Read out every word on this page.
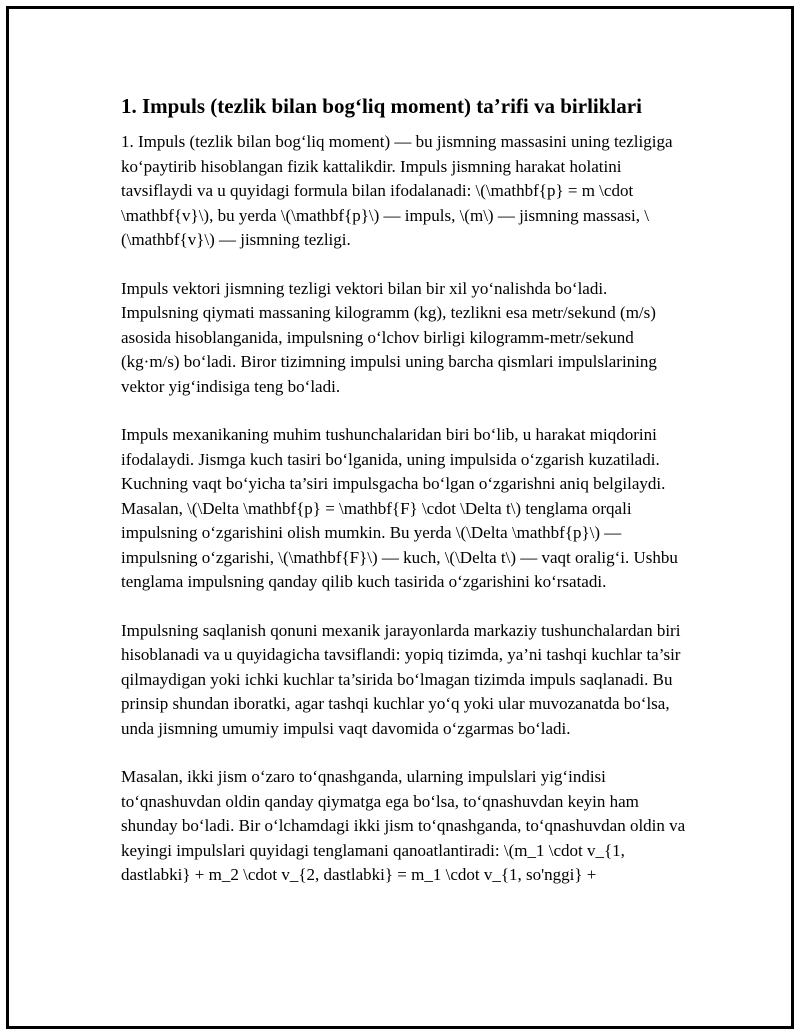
1. Impuls (tezlik bilan bog‘liq moment) ta’rifi va birliklari

1. Impuls (tezlik bilan bog‘liq moment) — bu jismning massasini uning tezligiga ko‘paytirib hisoblangan fizik kattalikdir. Impuls jismning harakat holatini tavsiflaydi va u quyidagi formula bilan ifodalanadi: \(\mathbf{p} = m \cdot \mathbf{v}\), bu yerda \(\mathbf{p}\) — impuls, \(m\) — jismning massasi, \(\mathbf{v}\) — jismning tezligi.

Impuls vektori jismning tezligi vektori bilan bir xil yo‘nalishda bo‘ladi. Impulsning qiymati massaning kilogramm (kg), tezlikni esa metr/sekund (m/s) asosida hisoblanganida, impulsning o‘lchov birligi kilogramm-metr/sekund (kg·m/s) bo‘ladi. Biror tizimning impulsi uning barcha qismlari impulslarining vektor yig‘indisiga teng bo‘ladi.

Impuls mexanikaning muhim tushunchalaridan biri bo‘lib, u harakat miqdorini ifodalaydi. Jismga kuch tasiri bo‘lganida, uning impulsida o‘zgarish kuzatiladi. Kuchning vaqt bo‘yicha ta’siri impulsgacha bo‘lgan o‘zgarishni aniq belgilaydi. Masalan, \(\Delta \mathbf{p} = \mathbf{F} \cdot \Delta t\) tenglama orqali impulsning o‘zgarishini olish mumkin. Bu yerda \(\Delta \mathbf{p}\) — impulsning o‘zgarishi, \(\mathbf{F}\) — kuch, \(\Delta t\) — vaqt oralig‘i. Ushbu tenglama impulsning qanday qilib kuch tasirida o‘zgarishini ko‘rsatadi.

Impulsning saqlanish qonuni mexanik jarayonlarda markaziy tushunchalardan biri hisoblanadi va u quyidagicha tavsiflandi: yopiq tizimda, ya’ni tashqi kuchlar ta’sir qilmaydigan yoki ichki kuchlar ta’sirida bo‘lmagan tizimda impuls saqlanadi. Bu prinsip shundan iboratki, agar tashqi kuchlar yo‘q yoki ular muvozanatda bo‘lsa, unda jismning umumiy impulsi vaqt davomida o‘zgarmas bo‘ladi.

Masalan, ikki jism o‘zaro to‘qnashganda, ularning impulslari yig‘indisi to‘qnashuvdan oldin qanday qiymatga ega bo‘lsa, to‘qnashuvdan keyin ham shunday bo‘ladi. Bir o‘lchamdagi ikki jism to‘qnashganda, to‘qnashuvdan oldin va keyingi impulslari quyidagi tenglamani qanoatlantiradi: \(m_1 \cdot v_{1, dastlabki} + m_2 \cdot v_{2, dastlabki} = m_1 \cdot v_{1, so'nggi} +
